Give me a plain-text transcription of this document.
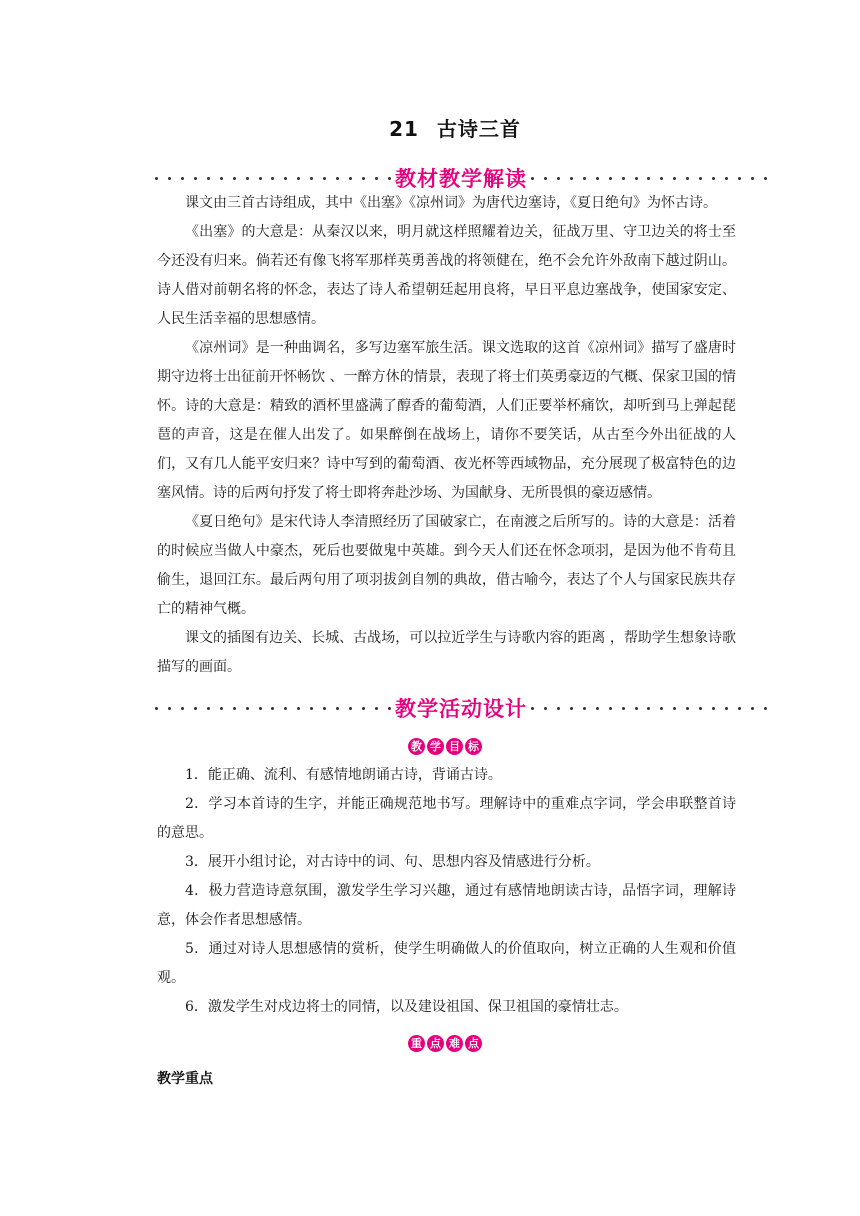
21 古诗三首
教材教学解读

课文由三首古诗组成，其中《出塞》《凉州词》为唐代边塞诗，《夏日绝句》为怀古诗。

《出塞》的大意是：从秦汉以来，明月就这样照耀着边关，征战万里、守卫边关的将士至今还没有归来。倘若还有像飞将军那样英勇善战的将领健在，绝不会允许外敌南下越过阴山。诗人借对前朝名将的怀念，表达了诗人希望朝廷起用良将，早日平息边塞战争，使国家安定、人民生活幸福的思想感情。

《凉州词》是一种曲调名，多写边塞军旅生活。课文选取的这首《凉州词》描写了盛唐时期守边将士出征前开怀畅饮 、一醉方休的情景，表现了将士们英勇豪迈的气概、保家卫国的情怀。诗的大意是：精致的酒杯里盛满了醇香的葡萄酒，人们正要举杯痛饮，却听到马上弹起琵琶的声音，这是在催人出发了。如果醉倒在战场上，请你不要笑话，从古至今外出征战的人们，又有几人能平安归来？诗中写到的葡萄酒、夜光杯等西域物品，充分展现了极富特色的边塞风情。诗的后两句抒发了将士即将奔赴沙场、为国献身、无所畏惧的豪迈感情。

《夏日绝句》是宋代诗人李清照经历了国破家亡，在南渡之后所写的。诗的大意是：活着的时候应当做人中豪杰，死后也要做鬼中英雄。到今天人们还在怀念项羽，是因为他不肯苟且偷生，退回江东。最后两句用了项羽拔剑自刎的典故，借古喻今，表达了个人与国家民族共存亡的精神气概。

课文的插图有边关、长城、古战场，可以拉近学生与诗歌内容的距离 ，帮助学生想象诗歌描写的画面。

教学活动设计
教 学 目 标

1．能正确、流利、有感情地朗诵古诗，背诵古诗。

2．学习本首诗的生字，并能正确规范地书写。理解诗中的重难点字词，学会串联整首诗的意思。

3．展开小组讨论，对古诗中的词、句、思想内容及情感进行分析。

4．极力营造诗意氛围，激发学生学习兴趣，通过有感情地朗读古诗，品悟字词，理解诗意，体会作者思想感情。

5．通过对诗人思想感情的赏析，使学生明确做人的价值取向，树立正确的人生观和价值观。

6．激发学生对戍边将士的同情，以及建设祖国、保卫祖国的豪情壮志。

重 点 难 点
教学重点
